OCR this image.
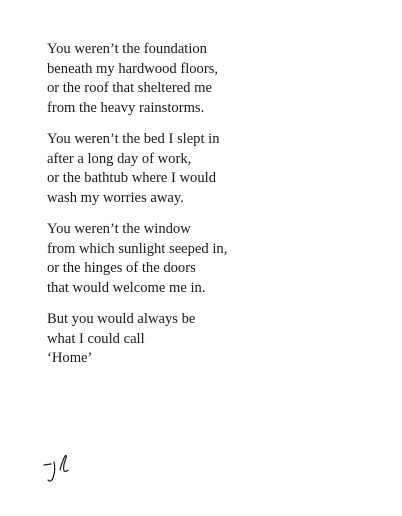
You weren’t the foundation
beneath my hardwood floors,
or the roof that sheltered me
from the heavy rainstorms.
You weren’t the bed I slept in
after a long day of work,
or the bathtub where I would
wash my worries away.
You weren’t the window
from which sunlight seeped in,
or the hinges of the doors
that would welcome me in.
But you would always be
what I could call
‘Home’
